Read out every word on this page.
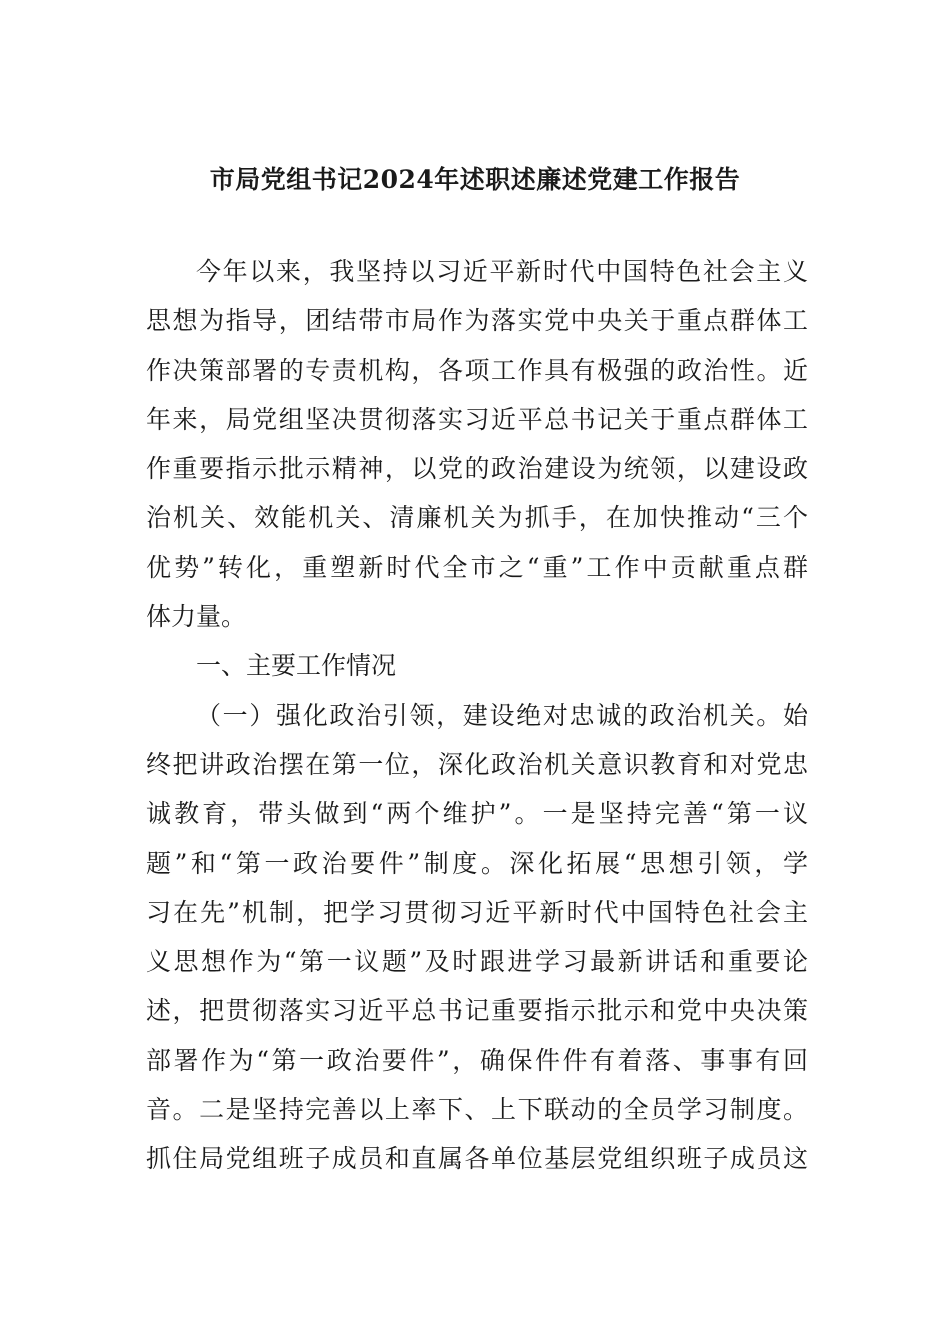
市局党组书记2024年述职述廉述党建工作报告
今年以来，我坚持以习近平新时代中国特色社会主义
思想为指导，团结带市局作为落实党中央关于重点群体工
作决策部署的专责机构，各项工作具有极强的政治性。近
年来，局党组坚决贯彻落实习近平总书记关于重点群体工
作重要指示批示精神，以党的政治建设为统领，以建设政
治机关、效能机关、清廉机关为抓手，在加快推动“三个
优势”转化，重塑新时代全市之“重”工作中贡献重点群
体力量。
一、主要工作情况
（一）强化政治引领，建设绝对忠诚的政治机关。始
终把讲政治摆在第一位，深化政治机关意识教育和对党忠
诚教育，带头做到“两个维护”。一是坚持完善“第一议
题”和“第一政治要件”制度。深化拓展“思想引领，学
习在先”机制，把学习贯彻习近平新时代中国特色社会主
义思想作为“第一议题”及时跟进学习最新讲话和重要论
述，把贯彻落实习近平总书记重要指示批示和党中央决策
部署作为“第一政治要件”，确保件件有着落、事事有回
音。二是坚持完善以上率下、上下联动的全员学习制度。
抓住局党组班子成员和直属各单位基层党组织班子成员这
